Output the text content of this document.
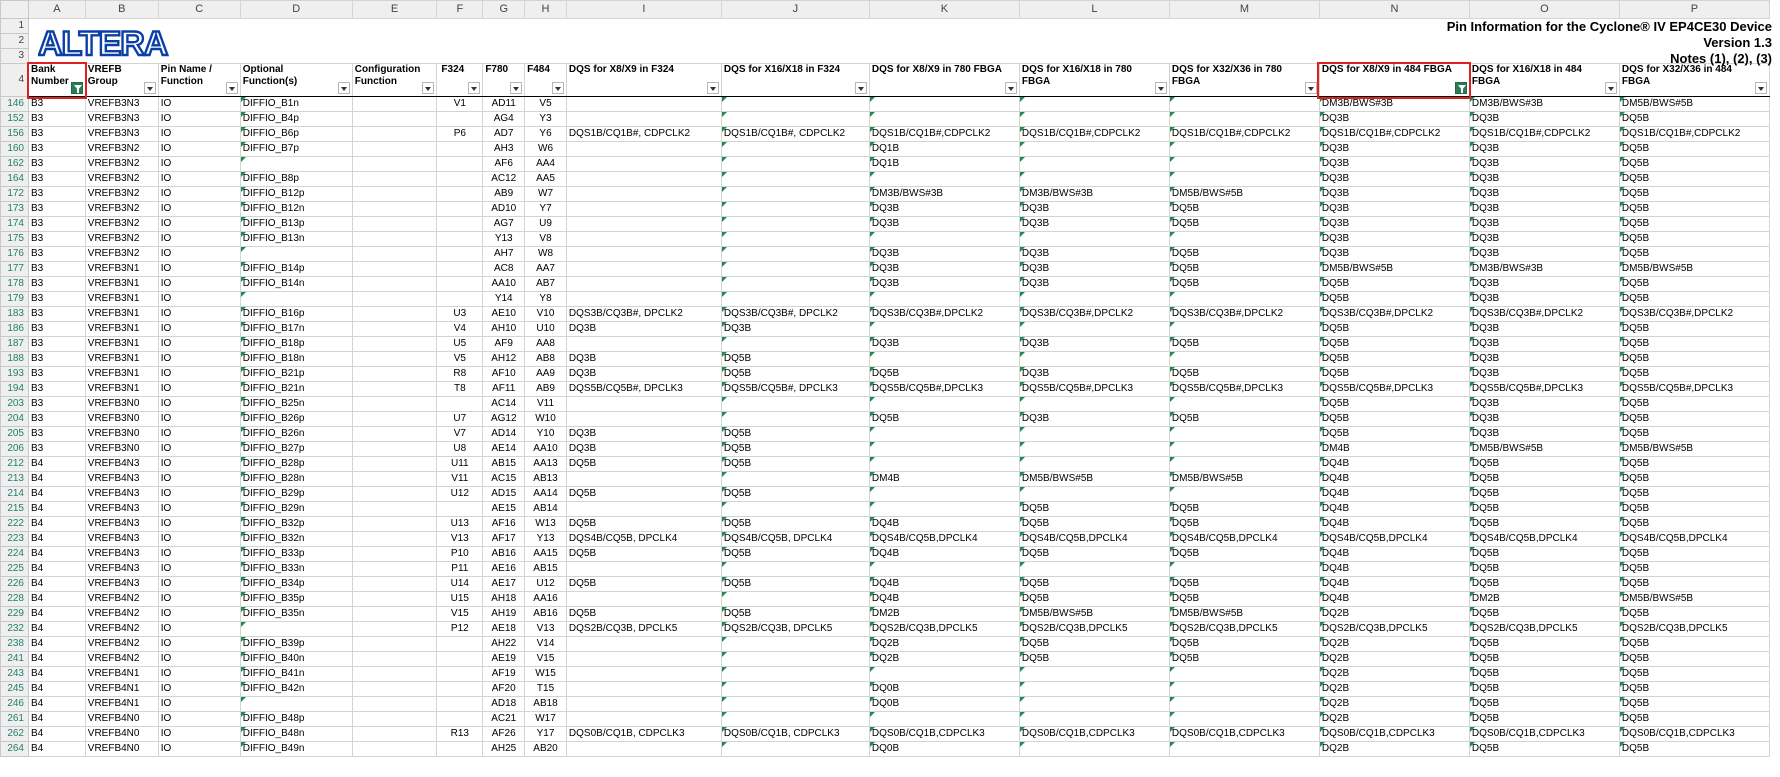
	A	B	C	D	E	F	G	H	I	J	K	L	M	N	O	P
1																
2																
3																
4	Bank Number	VREFB Group	Pin Name / Function	Optional Function(s)	Configuration Function	F324	F780	F484	DQS for X8/X9 in F324	DQS for X16/X18 in F324	DQS for X8/X9 in 780 FBGA	DQS for X16/X18 in 780 FBGA	DQS for X32/X36 in 780 FBGA	DQS for X8/X9 in 484 FBGA	DQS for X16/X18 in 484 FBGA	DQS for X32/X36 in 484 FBGA

146	B3	VREFB3N3	IO	DIFFIO_B1n		V1	AD11	V5						DM3B/BWS#3B	DM3B/BWS#3B	DM5B/BWS#5B
152	B3	VREFB3N3	IO	DIFFIO_B4p			AG4	Y3						DQ3B	DQ3B	DQ5B
156	B3	VREFB3N3	IO	DIFFIO_B6p		P6	AD7	Y6	DQS1B/CQ1B#, CDPCLK2	DQS1B/CQ1B#, CDPCLK2	DQS1B/CQ1B#,CDPCLK2	DQS1B/CQ1B#,CDPCLK2	DQS1B/CQ1B#,CDPCLK2	DQS1B/CQ1B#,CDPCLK2	DQS1B/CQ1B#,CDPCLK2	DQS1B/CQ1B#,CDPCLK2
160	B3	VREFB3N2	IO	DIFFIO_B7p			AH3	W6			DQ1B			DQ3B	DQ3B	DQ5B
162	B3	VREFB3N2	IO				AF6	AA4			DQ1B			DQ3B	DQ3B	DQ5B
164	B3	VREFB3N2	IO	DIFFIO_B8p			AC12	AA5						DQ3B	DQ3B	DQ5B
172	B3	VREFB3N2	IO	DIFFIO_B12p			AB9	W7			DM3B/BWS#3B	DM3B/BWS#3B	DM5B/BWS#5B	DQ3B	DQ3B	DQ5B
173	B3	VREFB3N2	IO	DIFFIO_B12n			AD10	Y7			DQ3B	DQ3B	DQ5B	DQ3B	DQ3B	DQ5B
174	B3	VREFB3N2	IO	DIFFIO_B13p			AG7	U9			DQ3B	DQ3B	DQ5B	DQ3B	DQ3B	DQ5B
175	B3	VREFB3N2	IO	DIFFIO_B13n			Y13	V8						DQ3B	DQ3B	DQ5B
176	B3	VREFB3N2	IO				AH7	W8			DQ3B	DQ3B	DQ5B	DQ3B	DQ3B	DQ5B
177	B3	VREFB3N1	IO	DIFFIO_B14p			AC8	AA7			DQ3B	DQ3B	DQ5B	DM5B/BWS#5B	DM3B/BWS#3B	DM5B/BWS#5B
178	B3	VREFB3N1	IO	DIFFIO_B14n			AA10	AB7			DQ3B	DQ3B	DQ5B	DQ5B	DQ3B	DQ5B
179	B3	VREFB3N1	IO				Y14	Y8						DQ5B	DQ3B	DQ5B
183	B3	VREFB3N1	IO	DIFFIO_B16p		U3	AE10	V10	DQS3B/CQ3B#, DPCLK2	DQS3B/CQ3B#, DPCLK2	DQS3B/CQ3B#,DPCLK2	DQS3B/CQ3B#,DPCLK2	DQS3B/CQ3B#,DPCLK2	DQS3B/CQ3B#,DPCLK2	DQS3B/CQ3B#,DPCLK2	DQS3B/CQ3B#,DPCLK2
186	B3	VREFB3N1	IO	DIFFIO_B17n		V4	AH10	U10	DQ3B	DQ3B				DQ5B	DQ3B	DQ5B
187	B3	VREFB3N1	IO	DIFFIO_B18p		U5	AF9	AA8			DQ3B	DQ3B	DQ5B	DQ5B	DQ3B	DQ5B
188	B3	VREFB3N1	IO	DIFFIO_B18n		V5	AH12	AB8	DQ3B	DQ5B				DQ5B	DQ3B	DQ5B
193	B3	VREFB3N1	IO	DIFFIO_B21p		R8	AF10	AA9	DQ3B	DQ5B	DQ5B	DQ3B	DQ5B	DQ5B	DQ3B	DQ5B
194	B3	VREFB3N1	IO	DIFFIO_B21n		T8	AF11	AB9	DQS5B/CQ5B#, DPCLK3	DQS5B/CQ5B#, DPCLK3	DQS5B/CQ5B#,DPCLK3	DQS5B/CQ5B#,DPCLK3	DQS5B/CQ5B#,DPCLK3	DQS5B/CQ5B#,DPCLK3	DQS5B/CQ5B#,DPCLK3	DQS5B/CQ5B#,DPCLK3
203	B3	VREFB3N0	IO	DIFFIO_B25n			AC14	V11						DQ5B	DQ3B	DQ5B
204	B3	VREFB3N0	IO	DIFFIO_B26p		U7	AG12	W10			DQ5B	DQ3B	DQ5B	DQ5B	DQ3B	DQ5B
205	B3	VREFB3N0	IO	DIFFIO_B26n		V7	AD14	Y10	DQ3B	DQ5B				DQ5B	DQ3B	DQ5B
206	B3	VREFB3N0	IO	DIFFIO_B27p		U8	AE14	AA10	DQ3B	DQ5B				DM4B	DM5B/BWS#5B	DM5B/BWS#5B
212	B4	VREFB4N3	IO	DIFFIO_B28p		U11	AB15	AA13	DQ5B	DQ5B				DQ4B	DQ5B	DQ5B
213	B4	VREFB4N3	IO	DIFFIO_B28n		V11	AC15	AB13			DM4B	DM5B/BWS#5B	DM5B/BWS#5B	DQ4B	DQ5B	DQ5B
214	B4	VREFB4N3	IO	DIFFIO_B29p		U12	AD15	AA14	DQ5B	DQ5B				DQ4B	DQ5B	DQ5B
215	B4	VREFB4N3	IO	DIFFIO_B29n			AE15	AB14				DQ5B	DQ5B	DQ4B	DQ5B	DQ5B
222	B4	VREFB4N3	IO	DIFFIO_B32p		U13	AF16	W13	DQ5B	DQ5B	DQ4B	DQ5B	DQ5B	DQ4B	DQ5B	DQ5B
223	B4	VREFB4N3	IO	DIFFIO_B32n		V13	AF17	Y13	DQS4B/CQ5B, DPCLK4	DQS4B/CQ5B, DPCLK4	DQS4B/CQ5B,DPCLK4	DQS4B/CQ5B,DPCLK4	DQS4B/CQ5B,DPCLK4	DQS4B/CQ5B,DPCLK4	DQS4B/CQ5B,DPCLK4	DQS4B/CQ5B,DPCLK4
224	B4	VREFB4N3	IO	DIFFIO_B33p		P10	AB16	AA15	DQ5B	DQ5B	DQ4B	DQ5B	DQ5B	DQ4B	DQ5B	DQ5B
225	B4	VREFB4N3	IO	DIFFIO_B33n		P11	AE16	AB15						DQ4B	DQ5B	DQ5B
226	B4	VREFB4N3	IO	DIFFIO_B34p		U14	AE17	U12	DQ5B	DQ5B	DQ4B	DQ5B	DQ5B	DQ4B	DQ5B	DQ5B
228	B4	VREFB4N2	IO	DIFFIO_B35p		U15	AH18	AA16			DQ4B	DQ5B	DQ5B	DQ4B	DM2B	DM5B/BWS#5B
229	B4	VREFB4N2	IO	DIFFIO_B35n		V15	AH19	AB16	DQ5B	DQ5B	DM2B	DM5B/BWS#5B	DM5B/BWS#5B	DQ2B	DQ5B	DQ5B
232	B4	VREFB4N2	IO			P12	AE18	V13	DQS2B/CQ3B, DPCLK5	DQS2B/CQ3B, DPCLK5	DQS2B/CQ3B,DPCLK5	DQS2B/CQ3B,DPCLK5	DQS2B/CQ3B,DPCLK5	DQS2B/CQ3B,DPCLK5	DQS2B/CQ3B,DPCLK5	DQS2B/CQ3B,DPCLK5
238	B4	VREFB4N2	IO	DIFFIO_B39p			AH22	V14			DQ2B	DQ5B	DQ5B	DQ2B	DQ5B	DQ5B
241	B4	VREFB4N2	IO	DIFFIO_B40n			AE19	V15			DQ2B	DQ5B	DQ5B	DQ2B	DQ5B	DQ5B
243	B4	VREFB4N1	IO	DIFFIO_B41n			AF19	W15						DQ2B	DQ5B	DQ5B
245	B4	VREFB4N1	IO	DIFFIO_B42n			AF20	T15			DQ0B			DQ2B	DQ5B	DQ5B
246	B4	VREFB4N1	IO				AD18	AB18			DQ0B			DQ2B	DQ5B	DQ5B
261	B4	VREFB4N0	IO	DIFFIO_B48p			AC21	W17						DQ2B	DQ5B	DQ5B
262	B4	VREFB4N0	IO	DIFFIO_B48n		R13	AF26	Y17	DQS0B/CQ1B, CDPCLK3	DQS0B/CQ1B, CDPCLK3	DQS0B/CQ1B,CDPCLK3	DQS0B/CQ1B,CDPCLK3	DQS0B/CQ1B,CDPCLK3	DQS0B/CQ1B,CDPCLK3	DQS0B/CQ1B,CDPCLK3	DQS0B/CQ1B,CDPCLK3
264	B4	VREFB4N0	IO	DIFFIO_B49n			AH25	AB20			DQ0B			DQ2B	DQ5B	DQ5B
ALTERA	Pin Information for the Cyclone® IV EP4CE30 Device
Version 1.3
Notes (1), (2), (3)
